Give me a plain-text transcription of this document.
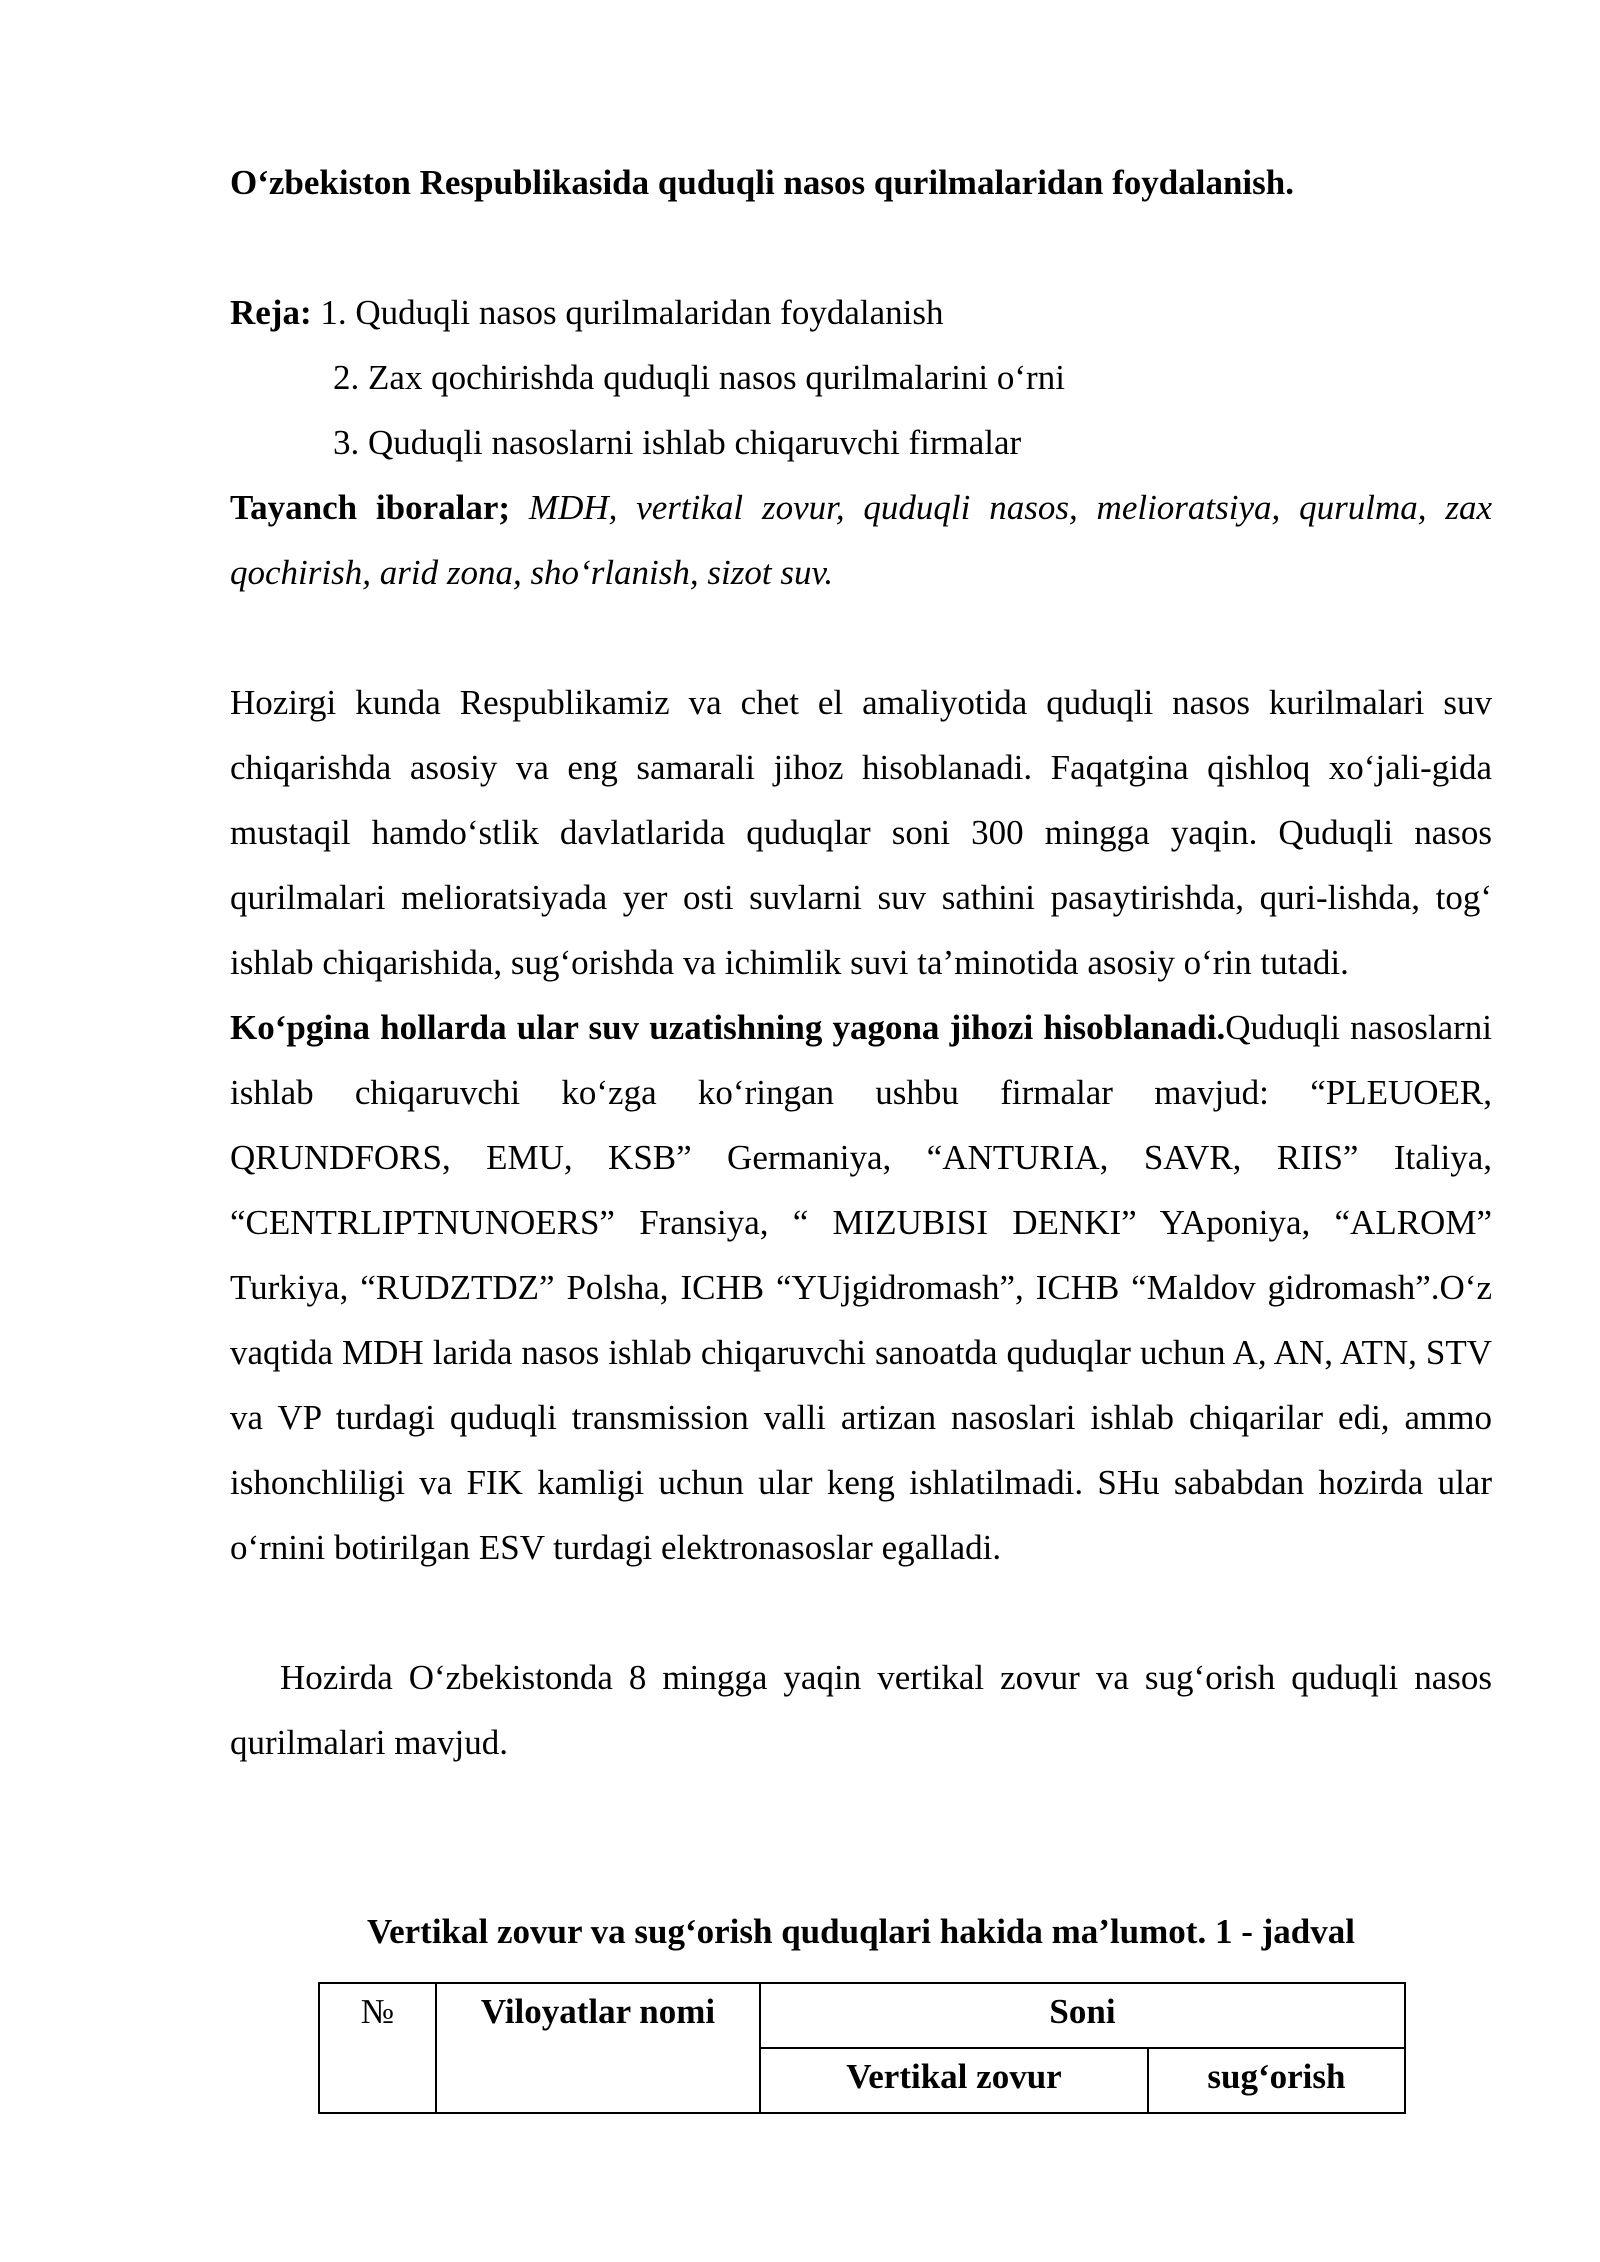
O‘zbekiston Respublikasida quduqli nasos qurilmalaridan foydalanish.

Reja: 1. Quduqli nasos qurilmalaridan foydalanish

2. Zax qochirishda quduqli nasos qurilmalarini o‘rni

3. Quduqli nasoslarni ishlab chiqaruvchi firmalar

Tayanch iboralar; MDH, vertikal zovur, quduqli nasos, melioratsiya, qurulma, zax qochirish, arid zona, sho‘rlanish, sizot suv.

Hozirgi kunda Respublikamiz va chet el amaliyotida quduqli nasos kurilmalari suv chiqarishda asosiy va eng samarali jihoz hisoblanadi. Faqatgina qishloq xo‘jali-gida mustaqil hamdo‘stlik davlatlarida quduqlar soni 300 mingga yaqin. Quduqli nasos qurilmalari melioratsiyada yer osti suvlarni suv sathini pasaytirishda, quri-lishda, tog‘ ishlab chiqarishida, sug‘orishda va ichimlik suvi ta’minotida asosiy o‘rin tutadi.

Ko‘pgina hollarda ular suv uzatishning yagona jihozi hisoblanadi.Quduqli nasoslarni ishlab chiqaruvchi ko‘zga ko‘ringan ushbu firmalar mavjud: “PLEUOER, QRUNDFORS, EMU, KSB” Germaniya, “ANTURIA, SAVR, RIIS” Italiya, “CENTRLIPTNUNOERS” Fransiya, “ MIZUBISI DENKI” YAponiya, “ALROM” Turkiya, “RUDZTDZ” Polsha, ICHB “YUjgidromash”, ICHB “Maldov gidromash”.O‘z vaqtida MDH larida nasos ishlab chiqaruvchi sanoatda quduqlar uchun A, AN, ATN, STV va VP turdagi quduqli transmission valli artizan nasoslari ishlab chiqarilar edi, ammo ishonchliligi va FIK kamligi uchun ular keng ishlatilmadi. SHu sababdan hozirda ular o‘rnini botirilgan ESV turdagi elektronasoslar egalladi.

Hozirda O‘zbekistonda 8 mingga yaqin vertikal zovur va sug‘orish quduqli nasos qurilmalari mavjud.

Vertikal zovur va sug‘orish quduqlari hakida ma’lumot. 1 - jadval

№	Viloyatlar nomi	Soni	
		Vertikal zovur	sug‘orish
